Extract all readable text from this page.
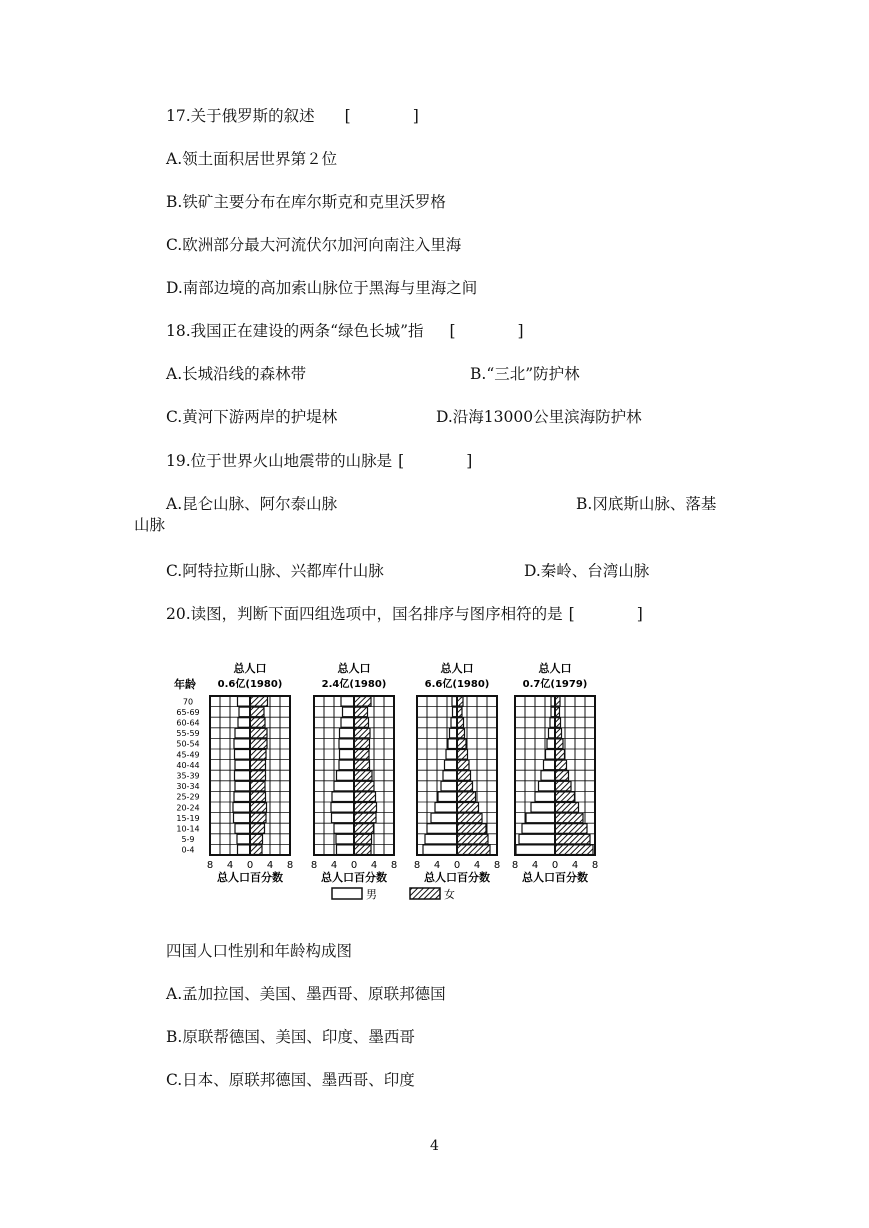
17.关于俄罗斯的叙述 [　　　　]
A.领土面积居世界第２位
B.铁矿主要分布在库尔斯克和克里沃罗格
C.欧洲部分最大河流伏尔加河向南注入里海
D.南部边境的高加索山脉位于黑海与里海之间
18.我国正在建设的两条“绿色长城”指 [　　　　]
A.长城沿线的森林带	B.“三北”防护林
C.黄河下游两岸的护堤林	D.沿海13000公里滨海防护林
19.位于世界火山地震带的山脉是 [　　　　]
A.昆仑山脉、阿尔泰山脉	B.冈底斯山脉、落基
山脉
C.阿特拉斯山脉、兴都库什山脉	D.秦岭、台湾山脉
20.读图，判断下面四组选项中，国名排序与图序相符的是 [　　　　]
年龄
0-4
5-9
10-14
15-19
20-24
25-29
30-34
35-39
40-44
45-49
50-54
55-59
60-64
65-69
70
总人口
0.6亿(1980)
8 4 0 4 8
总人口百分数
总人口
2.4亿(1980)
8 4 0 4 8
总人口百分数
总人口
6.6亿(1980)
8 4 0 4 8
总人口百分数
总人口
0.7亿(1979)
8 4 0 4 8
总人口百分数
男	女
四国人口性别和年龄构成图
A.孟加拉国、美国、墨西哥、原联邦德国
B.原联帮德国、美国、印度、墨西哥
C.日本、原联邦德国、墨西哥、印度
4
